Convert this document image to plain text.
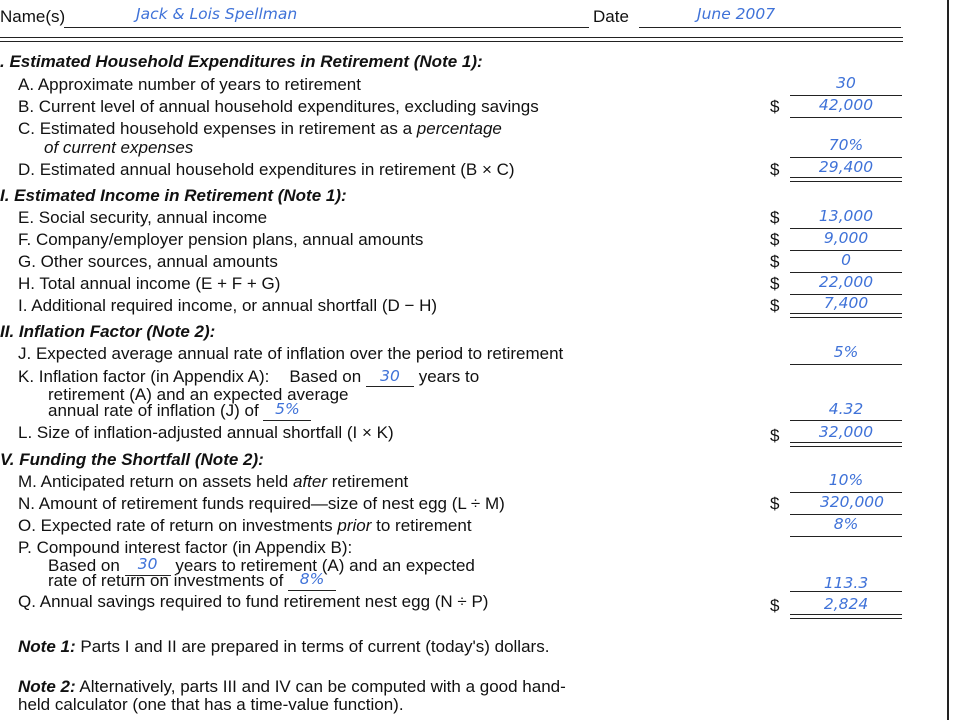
Name(s)	Jack & Lois Spellman	Date	June 2007
. Estimated Household Expenditures in Retirement (Note 1):
A. Approximate number of years to retirement	30
B. Current level of annual household expenditures, excluding savings	$	42,000
C. Estimated household expenses in retirement as a percentage
of current expenses	70%
D. Estimated annual household expenditures in retirement (B × C)	$	29,400
I. Estimated Income in Retirement (Note 1):
E. Social security, annual income	$	13,000
F. Company/employer pension plans, annual amounts	$	9,000
G. Other sources, annual amounts	$	0
H. Total annual income (E + F + G)	$	22,000
I. Additional required income, or annual shortfall (D − H)	$	7,400
II. Inflation Factor (Note 2):
J. Expected average annual rate of inflation over the period to retirement	5%
K. Inflation factor (in Appendix A): Based on	30	years to
retirement (A) and an expected average
annual rate of inflation (J) of	5%	4.32
L. Size of inflation-adjusted annual shortfall (I × K)	$	32,000
V. Funding the Shortfall (Note 2):
M. Anticipated return on assets held after retirement	10%
N. Amount of retirement funds required—size of nest egg (L ÷ M)	$	320,000
O. Expected rate of return on investments prior to retirement	8%
P. Compound interest factor (in Appendix B):
Based on	30	years to retirement (A) and an expected
rate of return on investments of	8%	113.3
Q. Annual savings required to fund retirement nest egg (N ÷ P)	$	2,824
Note 1: Parts I and II are prepared in terms of current (today's) dollars.
Note 2: Alternatively, parts III and IV can be computed with a good hand-
held calculator (one that has a time-value function).
